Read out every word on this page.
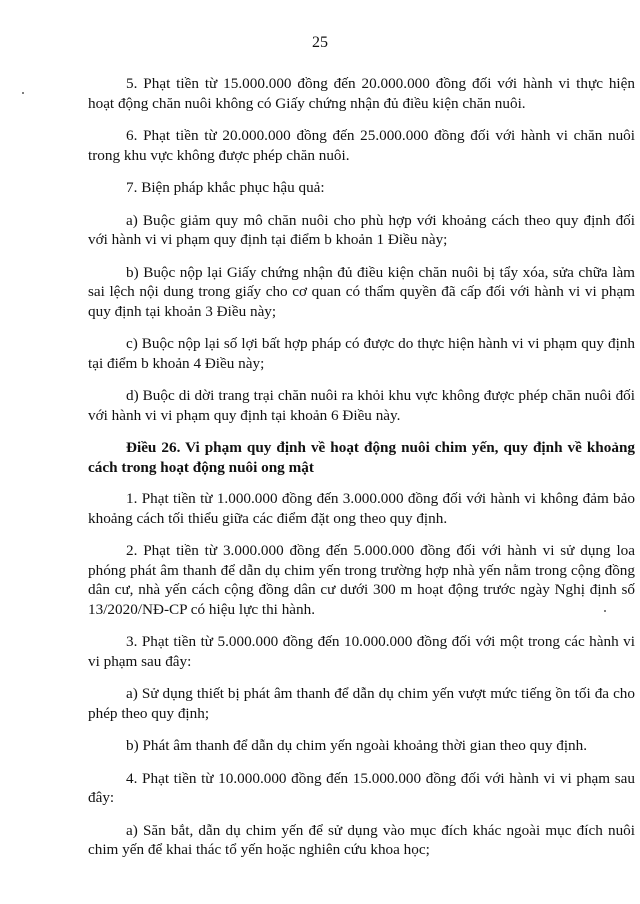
25

5. Phạt tiền từ 15.000.000 đồng đến 20.000.000 đồng đối với hành vi thực hiện hoạt động chăn nuôi không có Giấy chứng nhận đủ điều kiện chăn nuôi.

6. Phạt tiền từ 20.000.000 đồng đến 25.000.000 đồng đối với hành vi chăn nuôi trong khu vực không được phép chăn nuôi.

7. Biện pháp khắc phục hậu quả:

a) Buộc giảm quy mô chăn nuôi cho phù hợp với khoảng cách theo quy định đối với hành vi vi phạm quy định tại điểm b khoản 1 Điều này;

b) Buộc nộp lại Giấy chứng nhận đủ điều kiện chăn nuôi bị tẩy xóa, sửa chữa làm sai lệch nội dung trong giấy cho cơ quan có thẩm quyền đã cấp đối với hành vi vi phạm quy định tại khoản 3 Điều này;

c) Buộc nộp lại số lợi bất hợp pháp có được do thực hiện hành vi vi phạm quy định tại điểm b khoản 4 Điều này;

d) Buộc di dời trang trại chăn nuôi ra khỏi khu vực không được phép chăn nuôi đối với hành vi vi phạm quy định tại khoản 6 Điều này.

Điều 26. Vi phạm quy định về hoạt động nuôi chim yến, quy định về khoảng cách trong hoạt động nuôi ong mật

1. Phạt tiền từ 1.000.000 đồng đến 3.000.000 đồng đối với hành vi không đảm bảo khoảng cách tối thiểu giữa các điểm đặt ong theo quy định.

2. Phạt tiền từ 3.000.000 đồng đến 5.000.000 đồng đối với hành vi sử dụng loa phóng phát âm thanh để dẫn dụ chim yến trong trường hợp nhà yến nằm trong cộng đồng dân cư, nhà yến cách cộng đồng dân cư dưới 300 m hoạt động trước ngày Nghị định số 13/2020/NĐ-CP có hiệu lực thi hành.

3. Phạt tiền từ 5.000.000 đồng đến 10.000.000 đồng đối với một trong các hành vi vi phạm sau đây:

a) Sử dụng thiết bị phát âm thanh để dẫn dụ chim yến vượt mức tiếng ồn tối đa cho phép theo quy định;

b) Phát âm thanh để dẫn dụ chim yến ngoài khoảng thời gian theo quy định.

4. Phạt tiền từ 10.000.000 đồng đến 15.000.000 đồng đối với hành vi vi phạm sau đây:

a) Săn bắt, dẫn dụ chim yến để sử dụng vào mục đích khác ngoài mục đích nuôi chim yến để khai thác tổ yến hoặc nghiên cứu khoa học;
